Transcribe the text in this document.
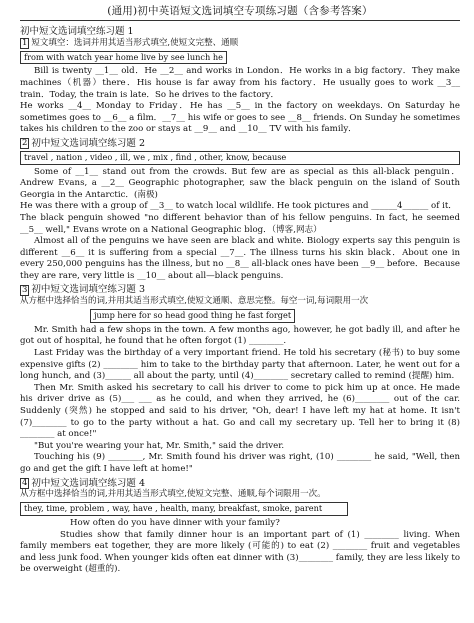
(通用)初中英语短文选词填空专项练习题（含参考答案）
初中短文选词填空练习题 1
1 短文填空：选词并用其适当形式填空,使短文完整、通顺
from with watch year home live by see lunch he

Bill is twenty __1__ old．He __2__ and works in London．He works in a big factory．They make machines（机器）there．His house is far away from his factory．He usually goes to work __3__ train．Today, the train is late．So he drives to the factory．

He works __4__ Monday to Friday．He has __5__ in the factory on weekdays. On Saturday he sometimes goes to __6__ a film．__7__ his wife or goes to see __8__ friends. On Sunday he sometimes takes his children to the zoo or stays at __9__ and __10__ TV with his family．

2 初中短文选词填空练习题 2
travel , nation , video , ill, we , mix , find , other, know, because

Some of __1__ stand out from the crowds. But few are as special as this all-black penguin．Andrew Evans, a __2__ Geographic photographer, saw the black penguin on the island of South Georgia in the Antarctic．(南极)

He was there with a group of __3__ to watch local wildlife. He took pictures and ______4______ of it．

The black penguin showed "no different behavior than of his fellow penguins. In fact, he seemed __5__ well," Evans wrote on a National Geographic blog．（博客,网志）

Almost all of the penguins we have seen are black and white. Biology experts say this penguin is different __6__ it is suffering from a special __7__. The illness turns his skin black．About one in every 250,000 penguins has the illness, but no __8__ all-black ones have been __9__ before．Because they are rare, very little is __10__ about all—black penguins.

3 初中短文选词填空练习题 3
从方框中选择恰当的词,并用其适当形式填空,使短文通顺、意思完整。每空一词,每词限用一次
jump here for so head good thing he fast forget

Mr. Smith had a few shops in the town. A few months ago, however, he got badly ill, and after he got out of hospital, he found that he often forgot (1) ________.

Last Friday was the birthday of a very important friend. He told his secretary (秘书) to buy some expensive gifts (2) ________ him to take to the birthday party that afternoon. Later, he went out for a long hunch, and (3)______ all about the party, until (4)________ secretary called to remind (提醒) him.

Then Mr. Smith asked his secretary to call his driver to come to pick him up at once. He made his driver drive as (5)___ ___ as he could, and when they arrived, he (6)________ out of the car. Suddenly (突然) he stopped and said to his driver, "Oh, dear! I have left my hat at home. It isn't (7)________ to go to the party without a hat. Go and call my secretary up. Tell her to bring it (8) ________ at once!"

"But you're wearing your hat, Mr. Smith," said the driver.

Touching his (9) ________, Mr. Smith found his driver was right, (10) ________ he said, "Well, then go and get the gift I have left at home!"

4 初中短文选词填空练习题 4
从方框中选择恰当的词,并用其适当形式填空,使短文完整、通顺,每个词限用一次。
they, time, problem , way, have , health, many, breakfast, smoke, parent

How often do you have dinner with your family?

Studies show that family dinner hour is an important part of (1) ________ living. When family members eat together, they are more likely (可能的) to eat (2) ________ fruit and vegetables and less junk food. When younger kids often eat dinner with (3)________ family, they are less likely to be overweight (超重的).
